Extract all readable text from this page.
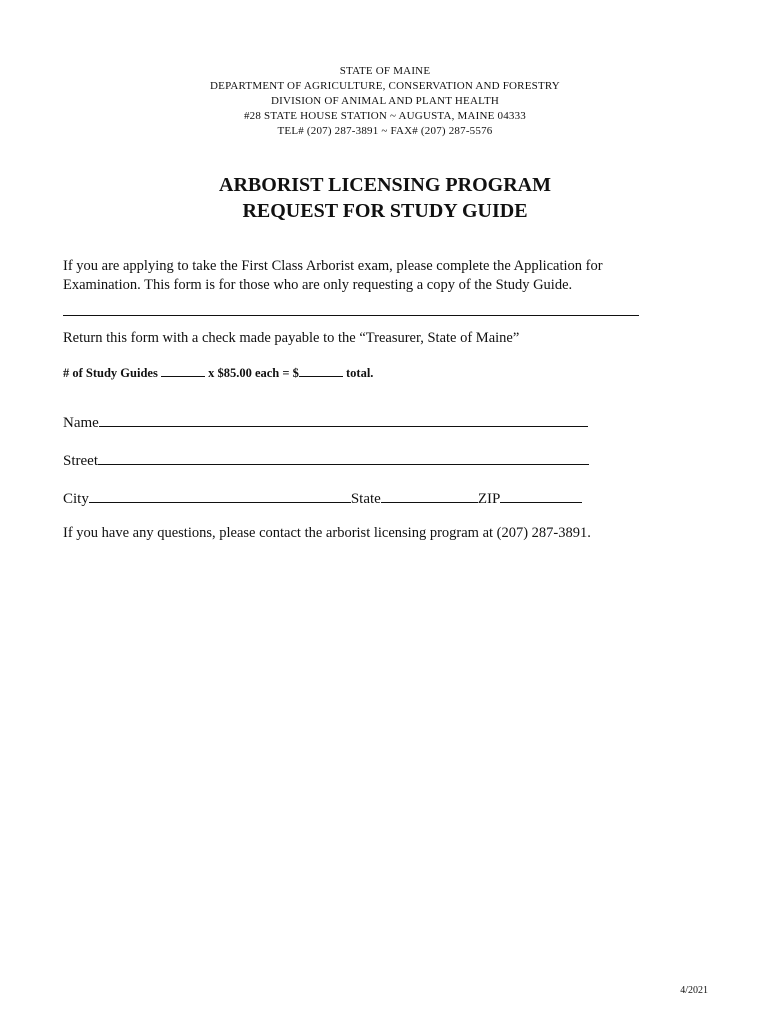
STATE OF MAINE
DEPARTMENT OF AGRICULTURE, CONSERVATION AND FORESTRY
DIVISION OF ANIMAL AND PLANT HEALTH
#28 STATE HOUSE STATION ~ AUGUSTA, MAINE 04333
TEL# (207) 287-3891 ~ FAX# (207) 287-5576
ARBORIST LICENSING PROGRAM
REQUEST FOR STUDY GUIDE
If you are applying to take the First Class Arborist exam, please complete the Application for Examination. This form is for those who are only requesting a copy of the Study Guide.
Return this form with a check made payable to the “Treasurer, State of Maine”
# of Study Guides	x $85.00 each = $	total.
Name
Street
City	State	ZIP
If you have any questions, please contact the arborist licensing program at (207) 287-3891.
4/2021
